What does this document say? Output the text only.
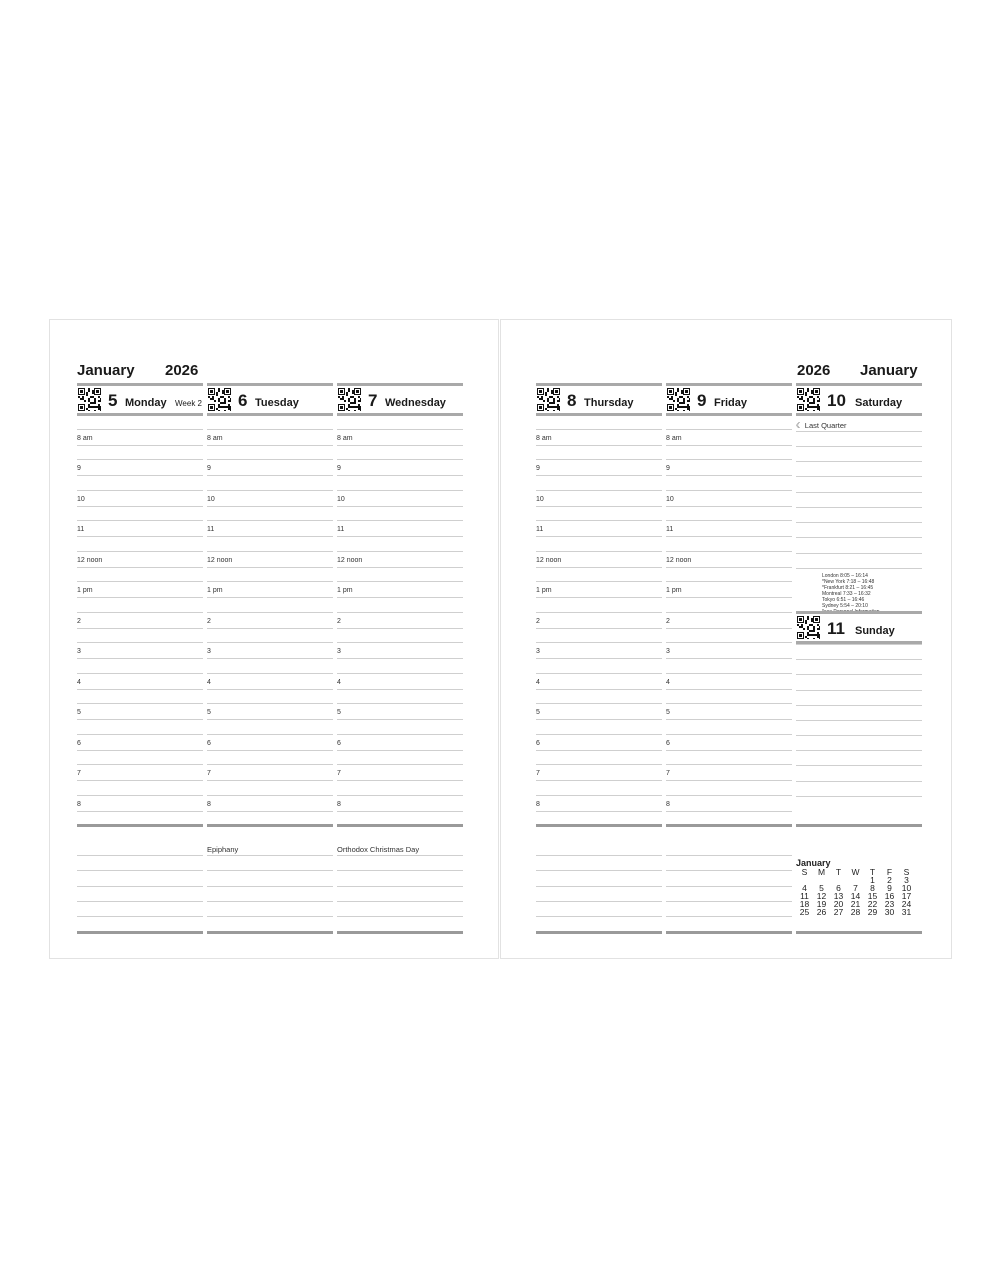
January 2026	2026 January
5 Monday Week 2
8 am
9
10
11
12 noon
1 pm
2
3
4
5
6
7
8
6 Tuesday
8 am
9
10
11
12 noon
1 pm
2
3
4
5
6
7
8
Epiphany
7 Wednesday
8 am
9
10
11
12 noon
1 pm
2
3
4
5
6
7
8
Orthodox Christmas Day
8 Thursday
8 am
9
10
11
12 noon
1 pm
2
3
4
5
6
7
8
9 Friday
8 am
9
10
11
12 noon
1 pm
2
3
4
5
6
7
8
10 Saturday
☾ Last Quarter
London 8:05 – 16:14
*New York 7:18 – 16:48
*Frankfurt 8:21 – 16:45
Montreal 7:33 – 16:32
Tokyo 6:51 – 16:46
Sydney 5:54 – 20:10
11 Sunday
January
S	M	T	W	T	F	S
				1	2	3
4	5	6	7	8	9	10
11	12	13	14	15	16	17
18	19	20	21	22	23	24
25	26	27	28	29	30	31
